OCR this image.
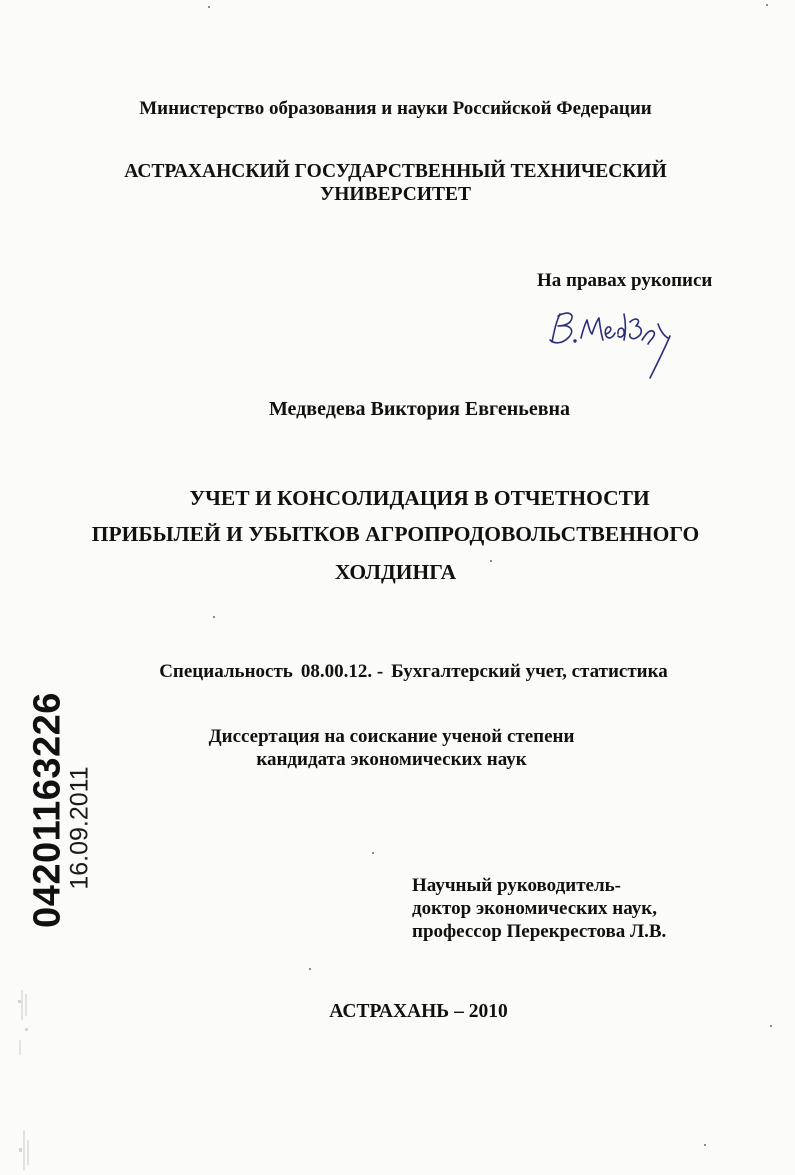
Министерство образования и науки Российской Федерации
АСТРАХАНСКИЙ ГОСУДАРСТВЕННЫЙ ТЕХНИЧЕСКИЙ
УНИВЕРСИТЕТ
На правах рукописи
Медведева Виктория Евгеньевна
УЧЕТ И КОНСОЛИДАЦИЯ В ОТЧЕТНОСТИ
ПРИБЫЛЕЙ И УБЫТКОВ АГРОПРОДОВОЛЬСТВЕННОГО
ХОЛДИНГА
Специальность 08.00.12. - Бухгалтерский учет, статистика
Диссертация на соискание ученой степени
кандидата экономических наук
Научный руководитель-
доктор экономических наук,
профессор Перекрестова Л.В.
АСТРАХАНЬ – 2010
04201163226
16.09.2011
